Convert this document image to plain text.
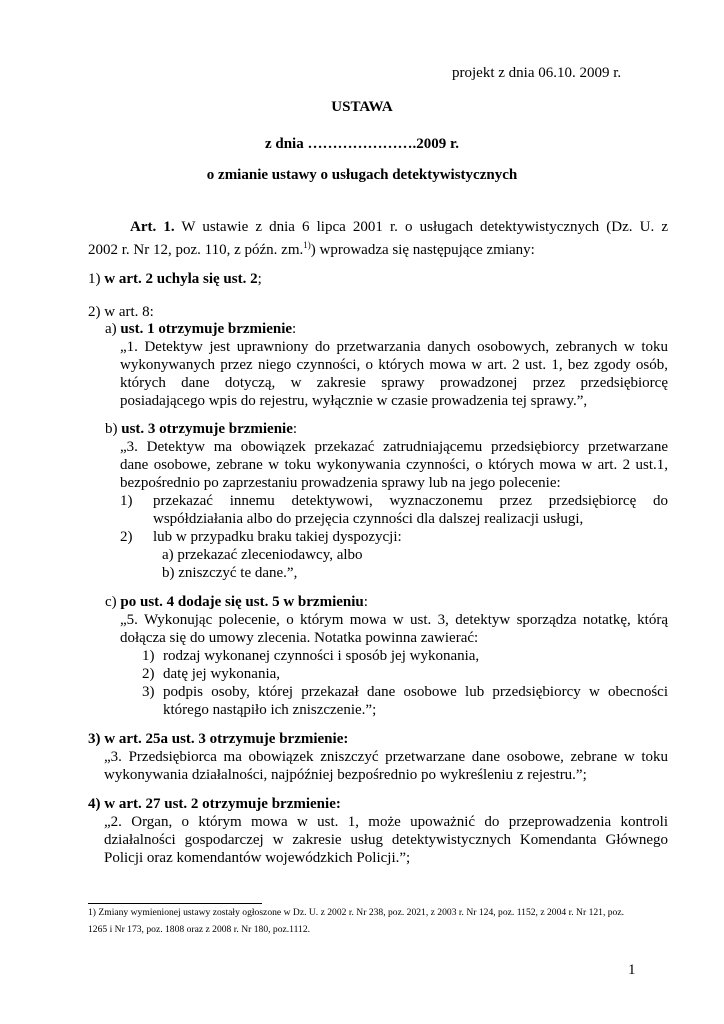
projekt z dnia 06.10. 2009 r.
USTAWA
z dnia ………………….2009 r.
o zmianie ustawy o usługach detektywistycznych
Art. 1. W ustawie z dnia 6 lipca 2001 r. o usługach detektywistycznych (Dz. U. z
2002 r. Nr 12, poz. 110, z późn. zm.$^{1)}$) wprowadza się następujące zmiany:
1) w art. 2 uchyla się ust. 2;
2) w art. 8:
a) ust. 1 otrzymuje brzmienie:
„1. Detektyw jest uprawniony do przetwarzania danych osobowych, zebranych w toku
wykonywanych przez niego czynności, o których mowa w art. 2 ust. 1, bez zgody osób,
których dane dotyczą, w zakresie sprawy prowadzonej przez przedsiębiorcę
posiadającego wpis do rejestru, wyłącznie w czasie prowadzenia tej sprawy.”,
b) ust. 3 otrzymuje brzmienie:
„3. Detektyw ma obowiązek przekazać zatrudniającemu przedsiębiorcy przetwarzane
dane osobowe, zebrane w toku wykonywania czynności, o których mowa w art. 2 ust.1,
bezpośrednio po zaprzestaniu prowadzenia sprawy lub na jego polecenie:
1) przekazać innemu detektywowi, wyznaczonemu przez przedsiębiorcę do
współdziałania albo do przejęcia czynności dla dalszej realizacji usługi,
2) lub w przypadku braku takiej dyspozycji:
a) przekazać zleceniodawcy, albo
b) zniszczyć te dane.”,
c) po ust. 4 dodaje się ust. 5 w brzmieniu:
„5. Wykonując polecenie, o którym mowa w ust. 3, detektyw sporządza notatkę, którą
dołącza się do umowy zlecenia. Notatka powinna zawierać:
1) rodzaj wykonanej czynności i sposób jej wykonania,
2) datę jej wykonania,
3) podpis osoby, której przekazał dane osobowe lub przedsiębiorcy w obecności
którego nastąpiło ich zniszczenie.”;
3) w art. 25a ust. 3 otrzymuje brzmienie:
„3. Przedsiębiorca ma obowiązek zniszczyć przetwarzane dane osobowe, zebrane w toku
wykonywania działalności, najpóźniej bezpośrednio po wykreśleniu z rejestru.”;
4) w art. 27 ust. 2 otrzymuje brzmienie:
„2. Organ, o którym mowa w ust. 1, może upoważnić do przeprowadzenia kontroli
działalności gospodarczej w zakresie usług detektywistycznych Komendanta Głównego
Policji oraz komendantów wojewódzkich Policji.”;
1) Zmiany wymienionej ustawy zostały ogłoszone w Dz. U. z 2002 r. Nr 238, poz. 2021, z 2003 r. Nr 124, poz. 1152, z 2004 r. Nr 121, poz.
1265 i Nr 173, poz. 1808 oraz z 2008 r. Nr 180, poz.1112.
1
